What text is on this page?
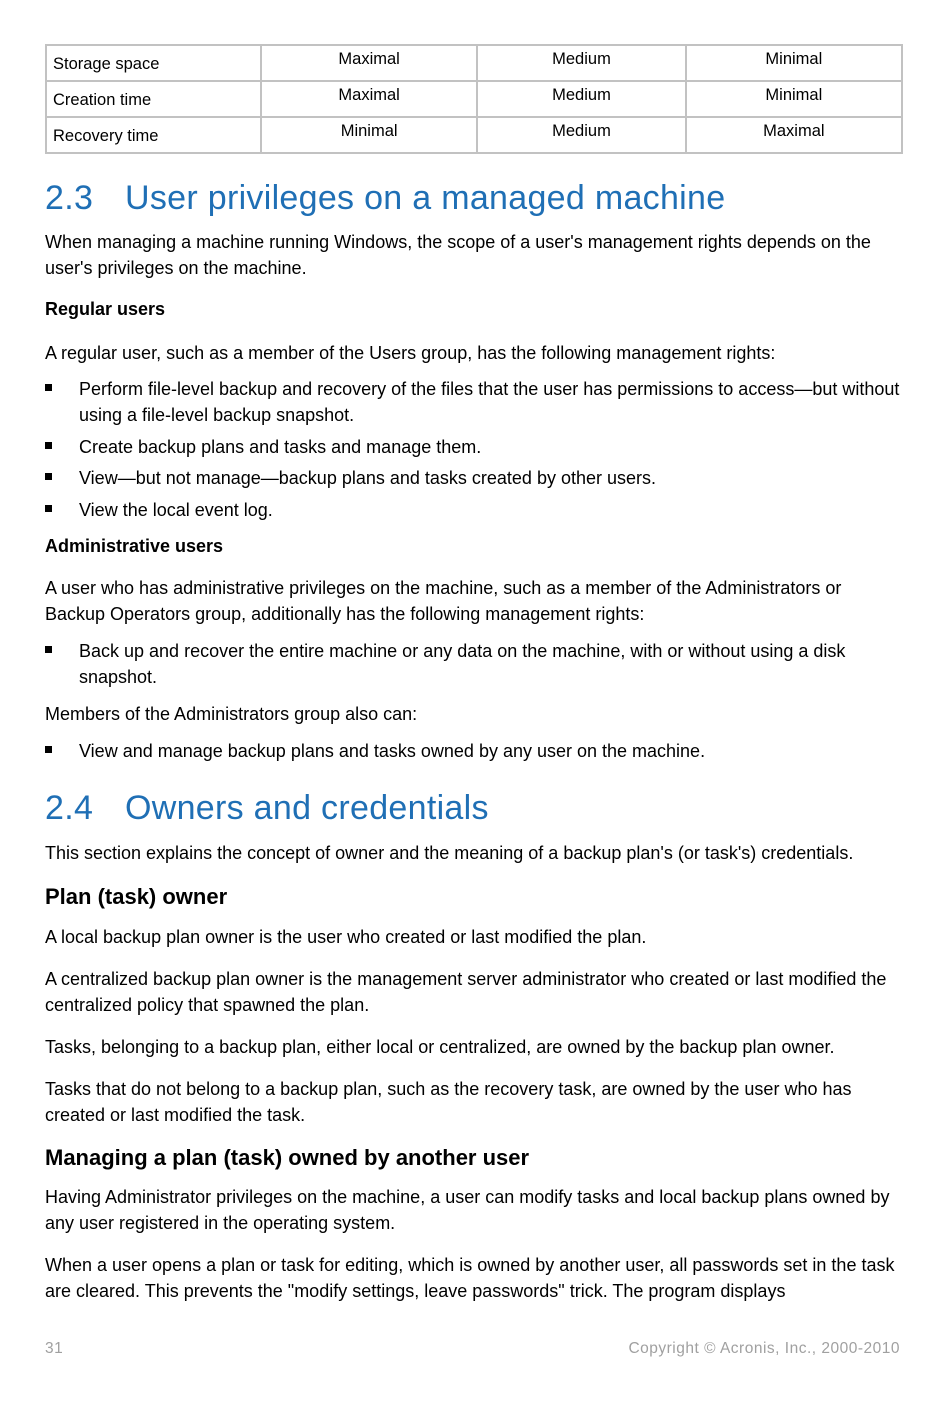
Storage space	Maximal	Medium	Minimal
Creation time	Maximal	Medium	Minimal
Recovery time	Minimal	Medium	Maximal
2.3 User privileges on a managed machine

When managing a machine running Windows, the scope of a user's management rights depends on the user's privileges on the machine.

Regular users

A regular user, such as a member of the Users group, has the following management rights:

Perform file-level backup and recovery of the files that the user has permissions to access—but without using a file-level backup snapshot.
Create backup plans and tasks and manage them.
View—but not manage—backup plans and tasks created by other users.
View the local event log.

Administrative users

A user who has administrative privileges on the machine, such as a member of the Administrators or Backup Operators group, additionally has the following management rights:

Back up and recover the entire machine or any data on the machine, with or without using a disk snapshot.

Members of the Administrators group also can:

View and manage backup plans and tasks owned by any user on the machine.
2.4 Owners and credentials

This section explains the concept of owner and the meaning of a backup plan's (or task's) credentials.

Plan (task) owner

A local backup plan owner is the user who created or last modified the plan.

A centralized backup plan owner is the management server administrator who created or last modified the centralized policy that spawned the plan.

Tasks, belonging to a backup plan, either local or centralized, are owned by the backup plan owner.

Tasks that do not belong to a backup plan, such as the recovery task, are owned by the user who has created or last modified the task.

Managing a plan (task) owned by another user

Having Administrator privileges on the machine, a user can modify tasks and local backup plans owned by any user registered in the operating system.

When a user opens a plan or task for editing, which is owned by another user, all passwords set in the task are cleared. This prevents the "modify settings, leave passwords" trick. The program displays

31	Copyright © Acronis, Inc., 2000-2010
